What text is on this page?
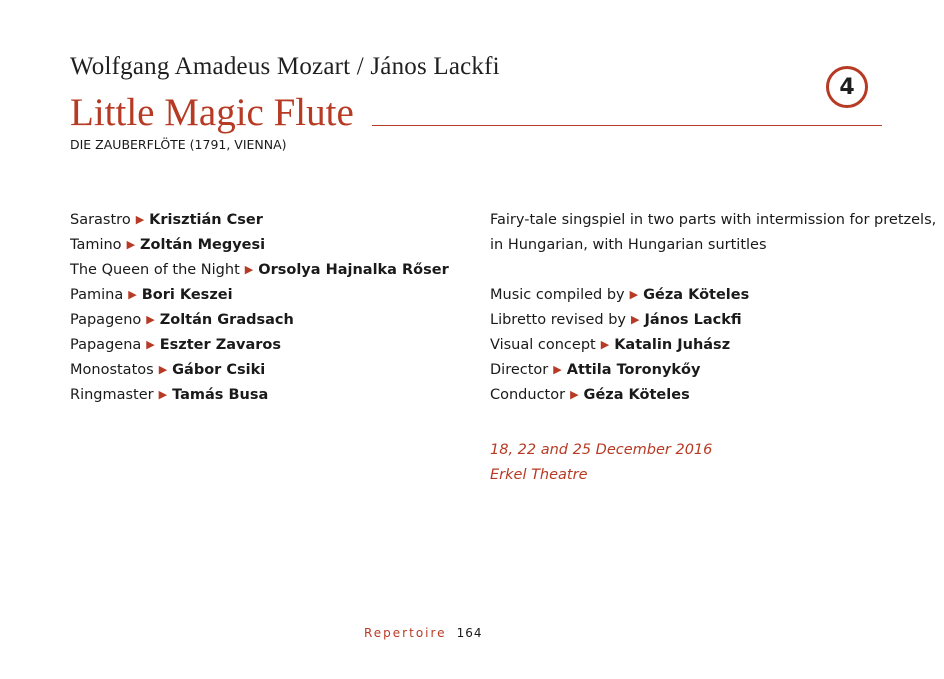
Wolfgang Amadeus Mozart / János Lackfi
Little Magic Flute
4
DIE ZAUBERFLÖTE (1791, VIENNA)
Sarastro ▶ Krisztián Cser
Tamino ▶ Zoltán Megyesi
The Queen of the Night ▶ Orsolya Hajnalka Rőser
Pamina ▶ Bori Keszei
Papageno ▶ Zoltán Gradsach
Papagena ▶ Eszter Zavaros
Monostatos ▶ Gábor Csiki
Ringmaster ▶ Tamás Busa
Fairy-tale singspiel in two parts with intermission for pretzels,
in Hungarian, with Hungarian surtitles
Music compiled by ▶ Géza Köteles
Libretto revised by ▶ János Lackfi
Visual concept ▶ Katalin Juhász
Director ▶ Attila Toronykőy
Conductor ▶ Géza Köteles
18, 22 and 25 December 2016
Erkel Theatre
Repertoire 164
